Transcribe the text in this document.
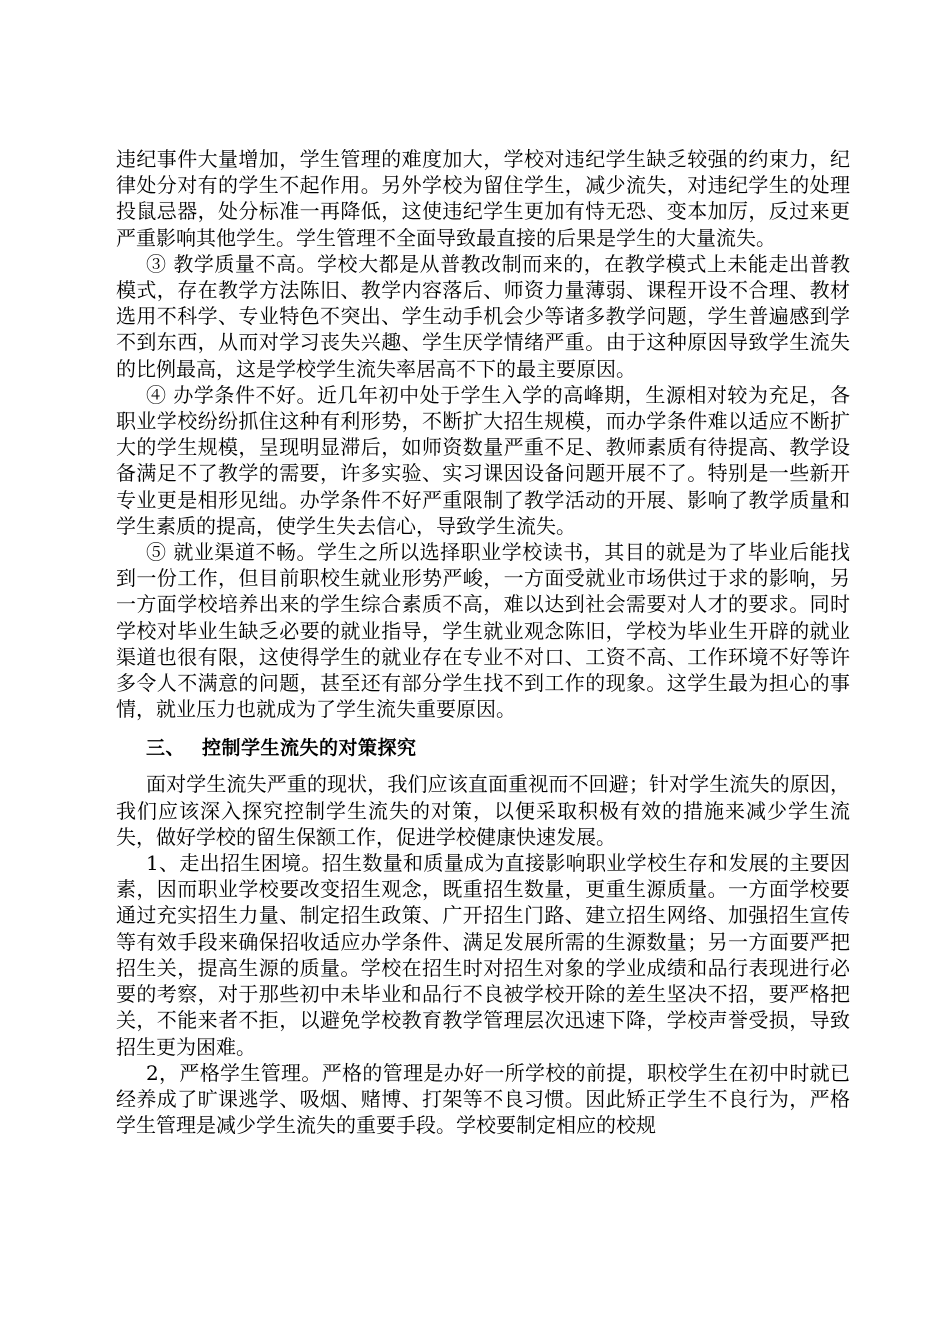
违纪事件大量增加，学生管理的难度加大，学校对违纪学生缺乏较强的约束力，纪律处分对有的学生不起作用。另外学校为留住学生，减少流失，对违纪学生的处理投鼠忌器，处分标准一再降低，这使违纪学生更加有恃无恐、变本加厉，反过来更严重影响其他学生。学生管理不全面导致最直接的后果是学生的大量流失。

③ 教学质量不高。学校大都是从普教改制而来的，在教学模式上未能走出普教模式，存在教学方法陈旧、教学内容落后、师资力量薄弱、课程开设不合理、教材选用不科学、专业特色不突出、学生动手机会少等诸多教学问题，学生普遍感到学不到东西，从而对学习丧失兴趣、学生厌学情绪严重。由于这种原因导致学生流失的比例最高，这是学校学生流失率居高不下的最主要原因。

④ 办学条件不好。近几年初中处于学生入学的高峰期，生源相对较为充足，各职业学校纷纷抓住这种有利形势，不断扩大招生规模，而办学条件难以适应不断扩大的学生规模，呈现明显滞后，如师资数量严重不足、教师素质有待提高、教学设备满足不了教学的需要，许多实验、实习课因设备问题开展不了。特别是一些新开专业更是相形见绌。办学条件不好严重限制了教学活动的开展、影响了教学质量和学生素质的提高，使学生失去信心，导致学生流失。

⑤ 就业渠道不畅。学生之所以选择职业学校读书，其目的就是为了毕业后能找到一份工作，但目前职校生就业形势严峻，一方面受就业市场供过于求的影响，另一方面学校培养出来的学生综合素质不高，难以达到社会需要对人才的要求。同时学校对毕业生缺乏必要的就业指导，学生就业观念陈旧，学校为毕业生开辟的就业渠道也很有限，这使得学生的就业存在专业不对口、工资不高、工作环境不好等许多令人不满意的问题，甚至还有部分学生找不到工作的现象。这学生最为担心的事情，就业压力也就成为了学生流失重要原因。

三、 控制学生流失的对策探究

面对学生流失严重的现状，我们应该直面重视而不回避；针对学生流失的原因，我们应该深入探究控制学生流失的对策，以便采取积极有效的措施来减少学生流失，做好学校的留生保额工作，促进学校健康快速发展。

1、走出招生困境。招生数量和质量成为直接影响职业学校生存和发展的主要因素，因而职业学校要改变招生观念，既重招生数量，更重生源质量。一方面学校要通过充实招生力量、制定招生政策、广开招生门路、建立招生网络、加强招生宣传等有效手段来确保招收适应办学条件、满足发展所需的生源数量；另一方面要严把招生关，提高生源的质量。学校在招生时对招生对象的学业成绩和品行表现进行必要的考察，对于那些初中未毕业和品行不良被学校开除的差生坚决不招，要严格把关，不能来者不拒，以避免学校教育教学管理层次迅速下降，学校声誉受损，导致招生更为困难。

2，严格学生管理。严格的管理是办好一所学校的前提，职校学生在初中时就已经养成了旷课逃学、吸烟、赌博、打架等不良习惯。因此矫正学生不良行为，严格学生管理是减少学生流失的重要手段。学校要制定相应的校规
